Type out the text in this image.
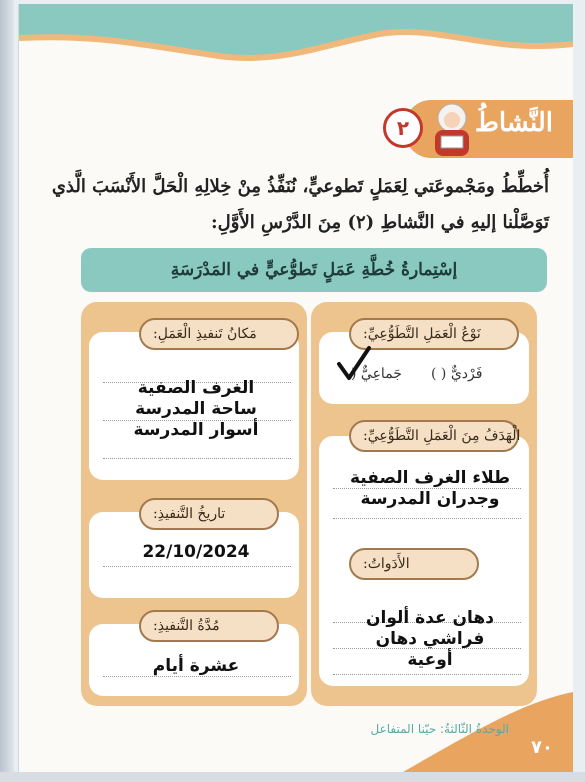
النَّشاطُ
٢
أُخطِّطُ ومَجْموعَتي لِعَمَلٍ تَطوعيٍّ، نُنَفِّذُ مِنْ خِلالِهِ الْحَلَّ الأَنْسَبَ الَّذي
تَوَصَّلْنا إليهِ في النَّشاطِ (٢) مِنَ الدَّرْسِ الأَوَّلِ:
إسْتِمارةُ خُطَّةِ عَمَلٍ تَطوُّعيٍّ في المَدْرَسَةِ
مَكانُ تَنفيذِ الْعَمَلِ:
تاريخُ التَّنفيذِ:
مُدَّةُ التَّنفيذِ:
الغرف الصفية
ساحة المدرسة
أسوار المدرسة
22/10/2024
عشرة أيام
نَوْعُ الْعَمَلِ التَّطَوُّعِيِّ:
فَرْديٌّ ( )
جَماعِيٌّ (
الْهَدَفُ مِنَ الْعَمَلِ التَّطَوُّعِيِّ:
طلاء الغرف الصفية
وجدران المدرسة
الأَدَواتُ:
دهان عدة ألوان
فراشي دهان
أوعية
الوحدةُ الثّالثةُ: حيّنا المتفاعل
٧٠
